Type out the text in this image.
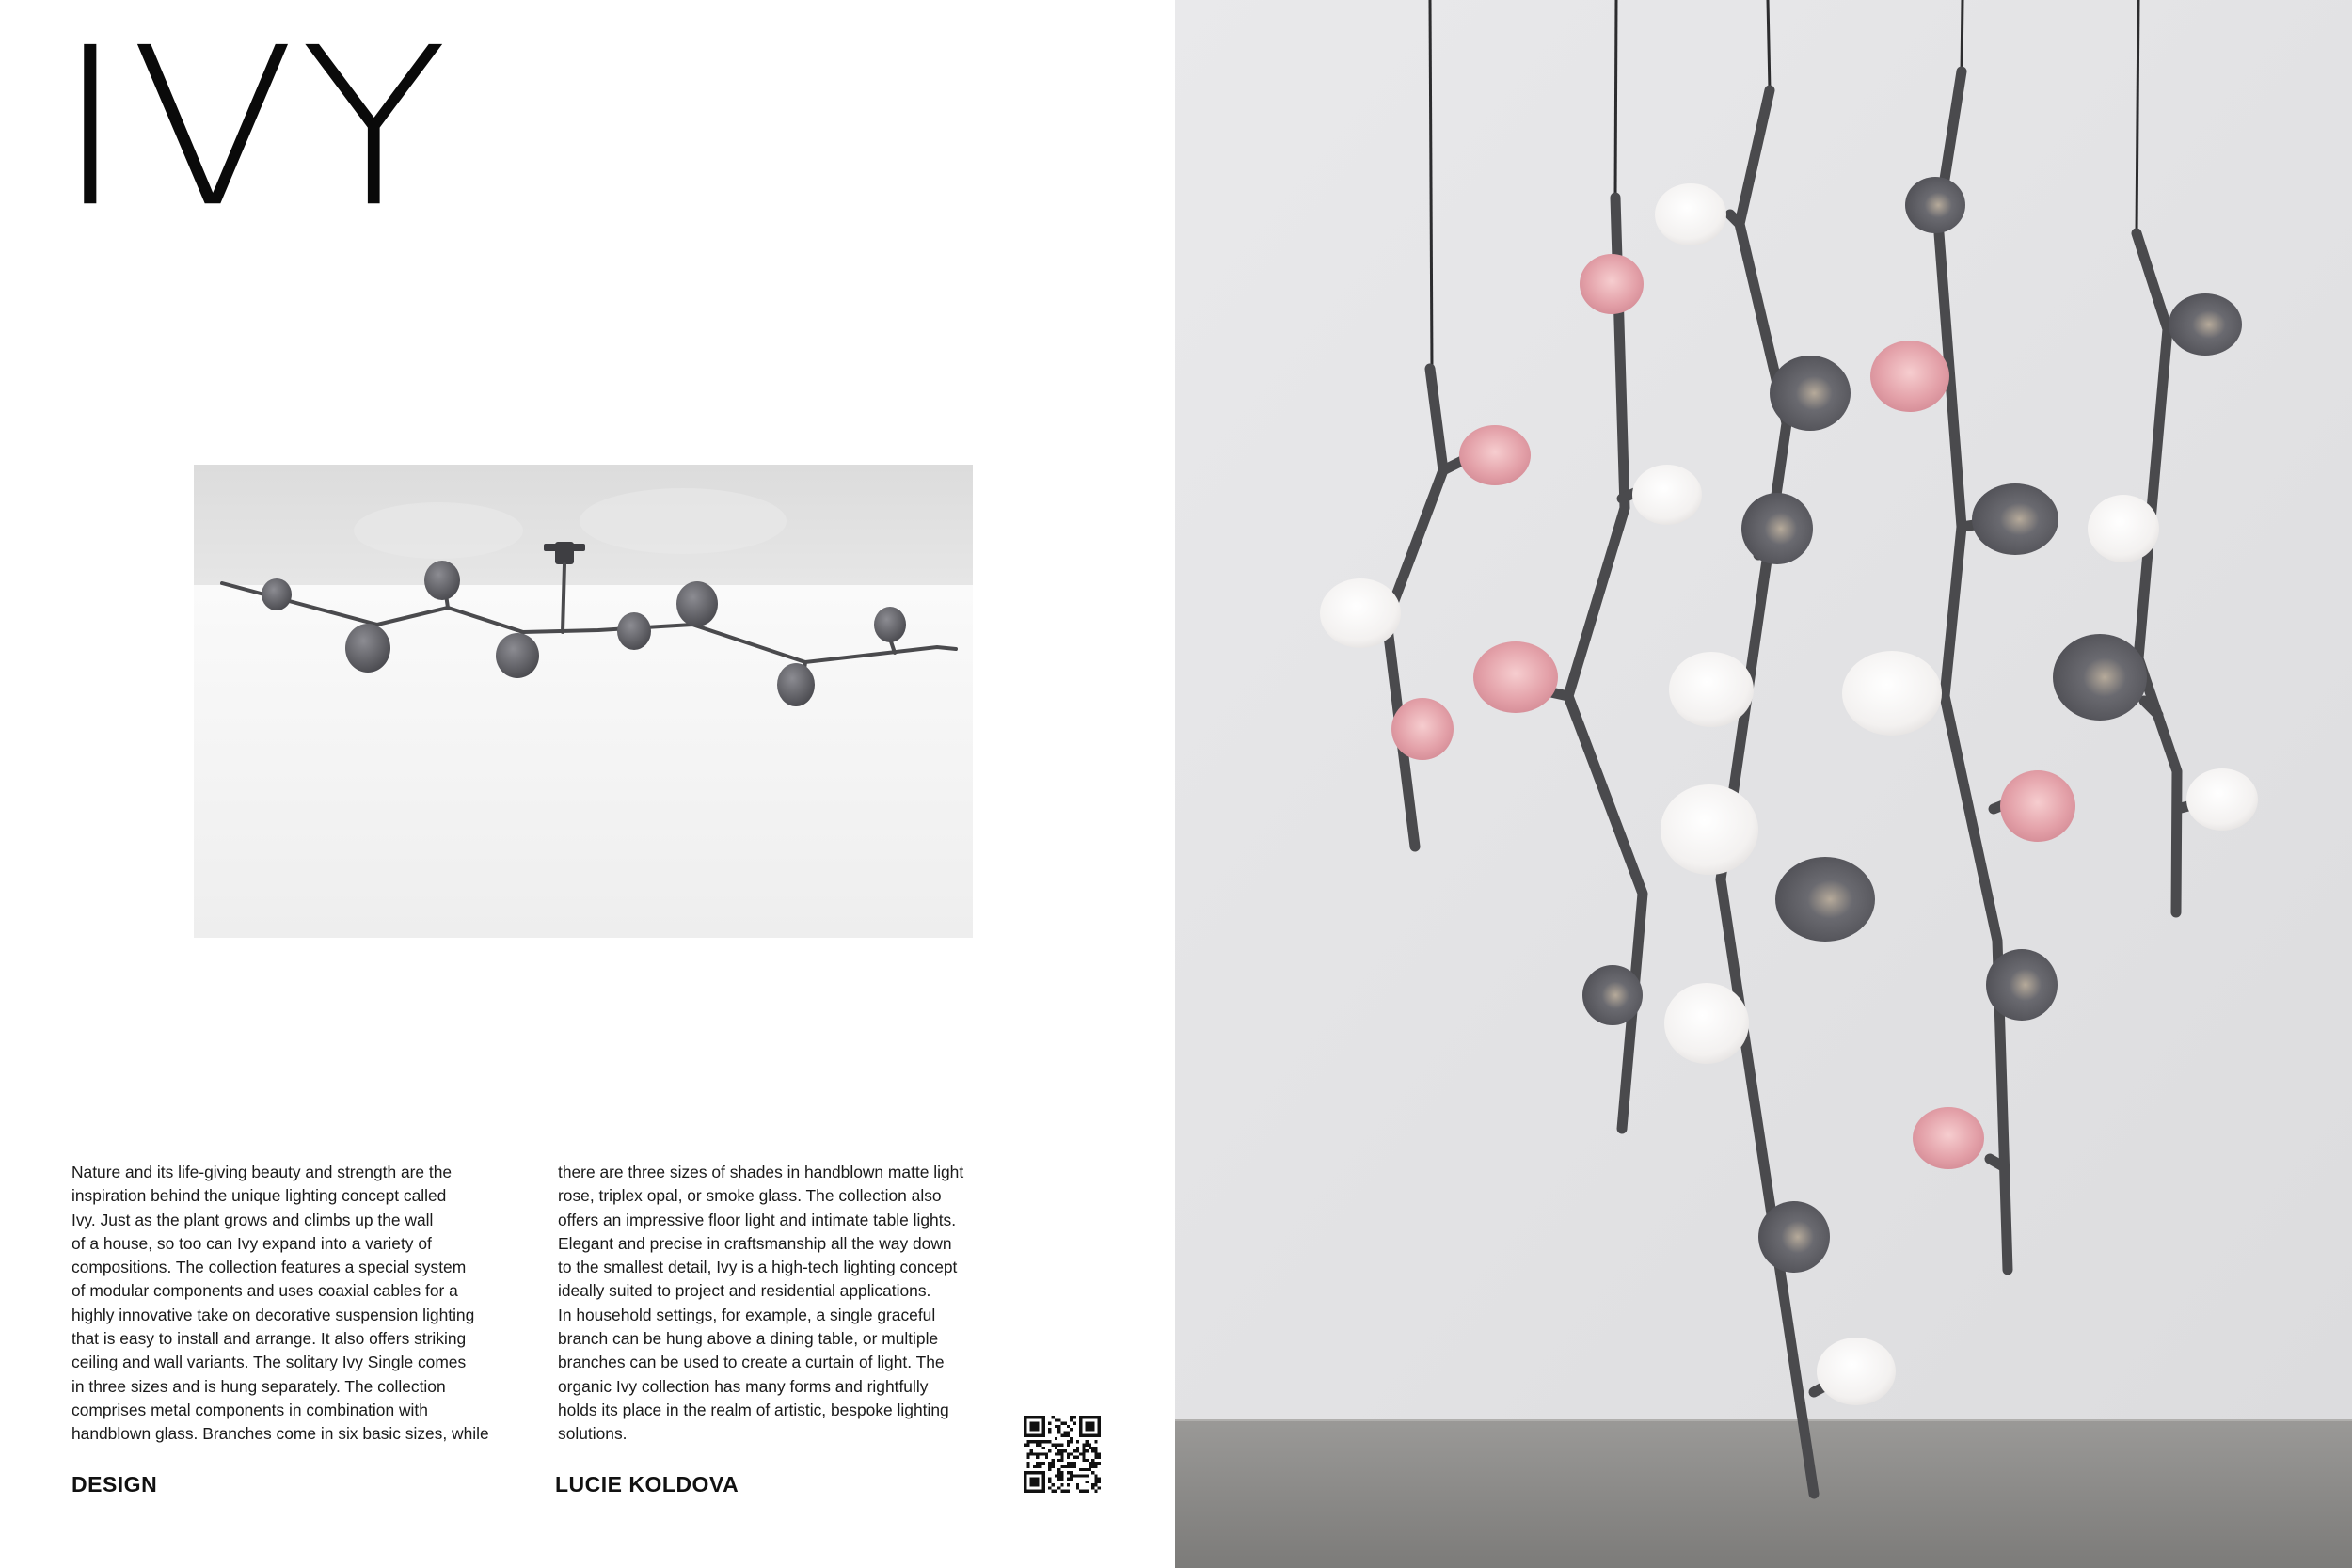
IVY

Nature and its life-giving beauty and strength are the
inspiration behind the unique lighting concept called
Ivy. Just as the plant grows and climbs up the wall
of a house, so too can Ivy expand into a variety of
compositions. The collection features a special system
of modular components and uses coaxial cables for a
highly innovative take on decorative suspension lighting
that is easy to install and arrange. It also offers striking
ceiling and wall variants. The solitary Ivy Single comes
in three sizes and is hung separately. The collection
comprises metal components in combination with
handblown glass. Branches come in six basic sizes, while

there are three sizes of shades in handblown matte light
rose, triplex opal, or smoke glass. The collection also
offers an impressive floor light and intimate table lights.
Elegant and precise in craftsmanship all the way down
to the smallest detail, Ivy is a high-tech lighting concept
ideally suited to project and residential applications.
In household settings, for example, a single graceful
branch can be hung above a dining table, or multiple
branches can be used to create a curtain of light. The
organic Ivy collection has many forms and rightfully
holds its place in the realm of artistic, bespoke lighting
solutions.

DESIGN	LUCIE KOLDOVA
